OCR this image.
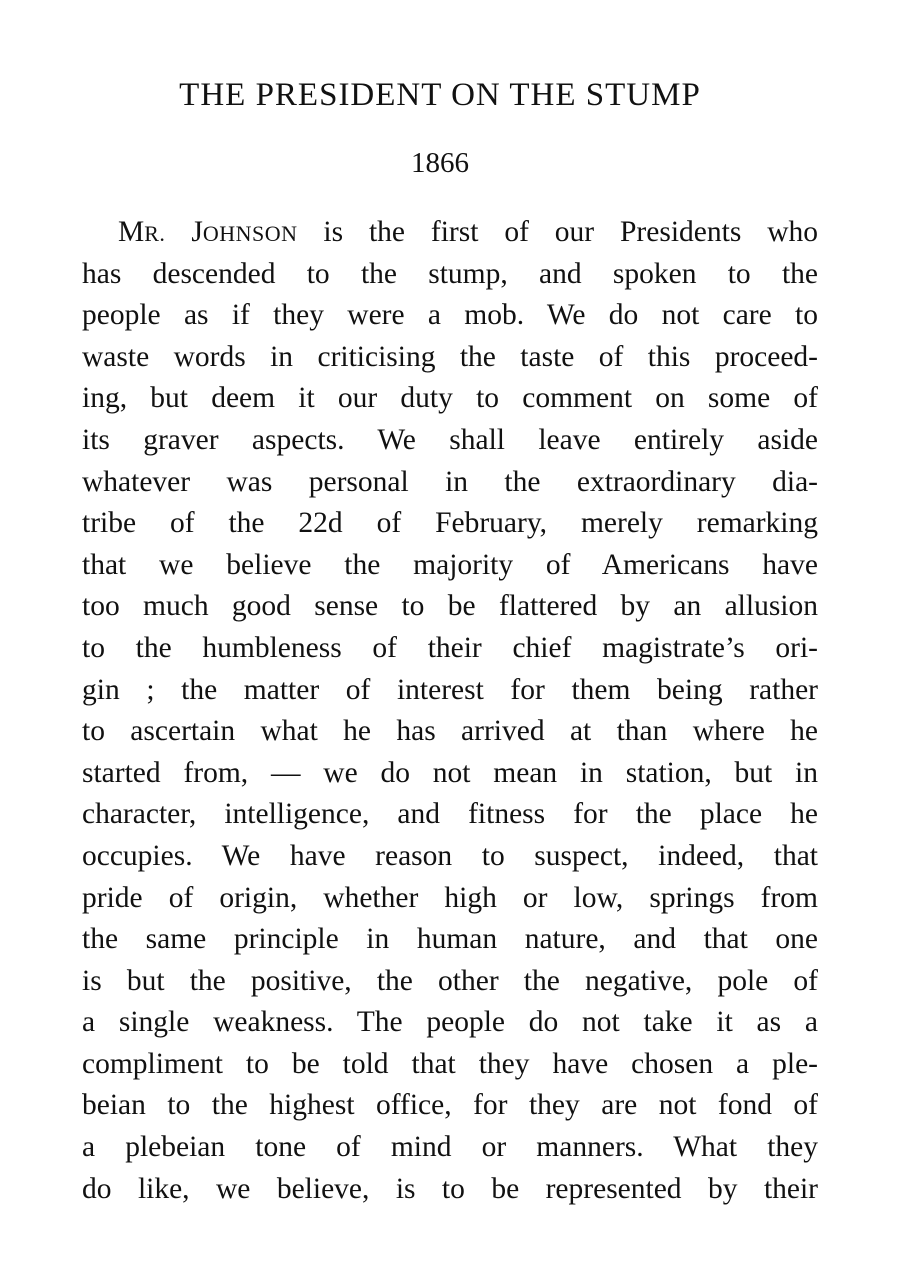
THE PRESIDENT ON THE STUMP
1866
MR. JOHNSON is the first of our Presidents who
has descended to the stump, and spoken to the
people as if they were a mob. We do not care to
waste words in criticising the taste of this proceed-
ing, but deem it our duty to comment on some of
its graver aspects. We shall leave entirely aside
whatever was personal in the extraordinary dia-
tribe of the 22d of February, merely remarking
that we believe the majority of Americans have
too much good sense to be flattered by an allusion
to the humbleness of their chief magistrate’s ori-
gin ; the matter of interest for them being rather
to ascertain what he has arrived at than where he
started from, — we do not mean in station, but in
character, intelligence, and fitness for the place he
occupies. We have reason to suspect, indeed, that
pride of origin, whether high or low, springs from
the same principle in human nature, and that one
is but the positive, the other the negative, pole of
a single weakness. The people do not take it as a
compliment to be told that they have chosen a ple-
beian to the highest office, for they are not fond of
a plebeian tone of mind or manners. What they
do like, we believe, is to be represented by their
